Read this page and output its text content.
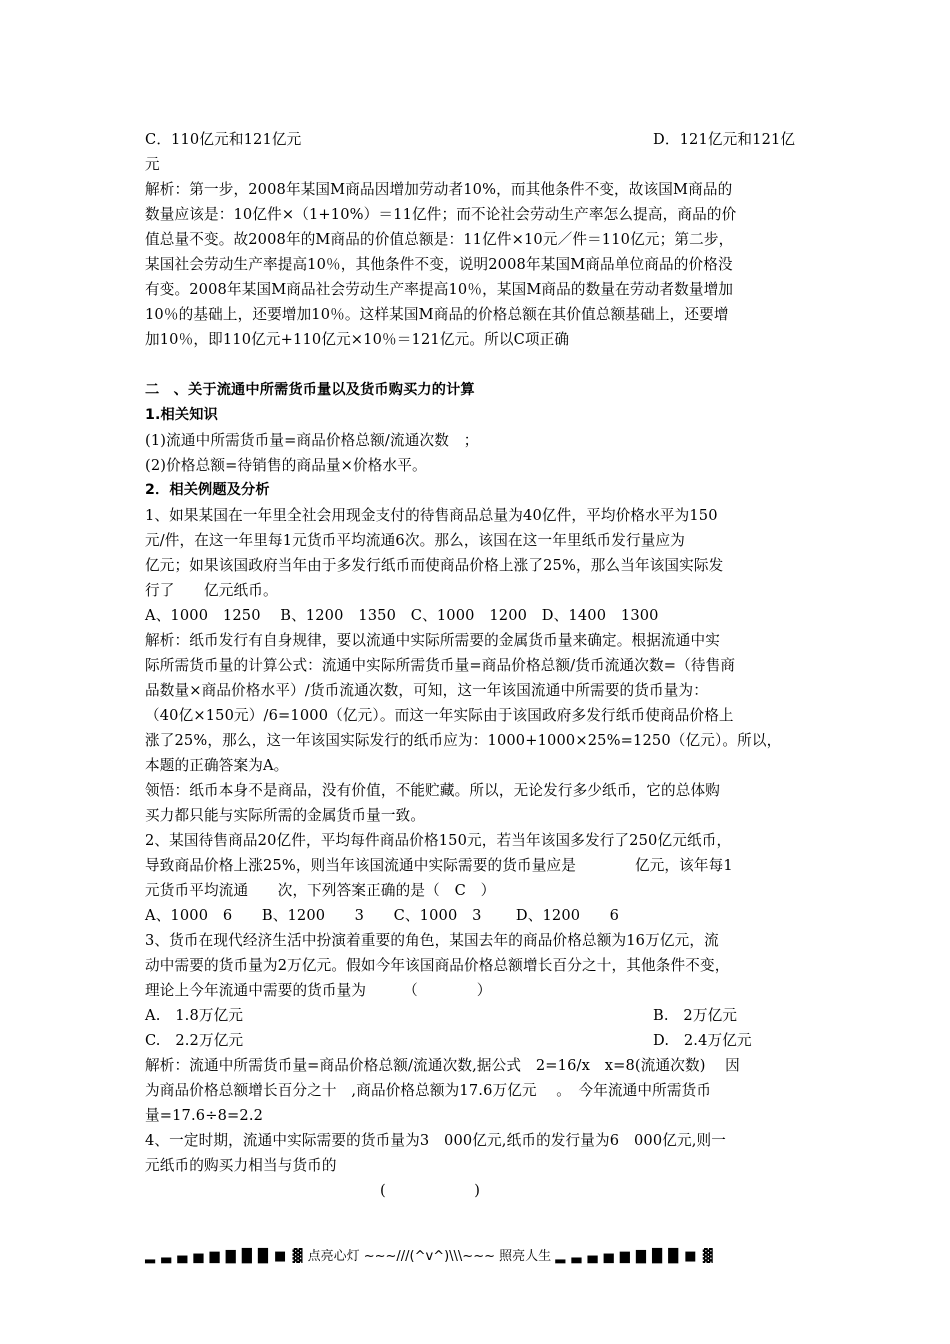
C．110亿元和121亿元	D．121亿元和121亿
元
解析：第一步，2008年某国M商品因增加劳动者10%，而其他条件不变，故该国M商品的
数量应该是：10亿件×（1+10%）＝11亿件；而不论社会劳动生产率怎么提高，商品的价
值总量不变。故2008年的M商品的价值总额是：11亿件×10元／件＝110亿元；第二步，
某国社会劳动生产率提高10％，其他条件不变，说明2008年某国M商品单位商品的价格没
有变。2008年某国M商品社会劳动生产率提高10％，某国M商品的数量在劳动者数量增加
10％的基础上，还要增加10％。这样某国M商品的价格总额在其价值总额基础上，还要增
加10％，即110亿元+110亿元×10％＝121亿元。所以C项正确
二　、关于流通中所需货币量以及货币购买力的计算
1.相关知识
(1)流通中所需货币量=商品价格总额/流通次数　；
(2)价格总额=待销售的商品量×价格水平。
2．相关例题及分析
1、如果某国在一年里全社会用现金支付的待售商品总量为40亿件，平均价格水平为150
元/件，在这一年里每1元货币平均流通6次。那么，该国在这一年里纸币发行量应为
亿元；如果该国政府当年由于多发行纸币而使商品价格上涨了25%，那么当年该国实际发
行了　　亿元纸币。
A、1000　1250　 B、1200　1350　C、1000　1200　D、1400　1300
解析：纸币发行有自身规律，要以流通中实际所需要的金属货币量来确定。根据流通中实
际所需货币量的计算公式：流通中实际所需货币量=商品价格总额/货币流通次数=（待售商
品数量×商品价格水平）/货币流通次数，可知，这一年该国流通中所需要的货币量为：
（40亿×150元）/6=1000（亿元）。而这一年实际由于该国政府多发行纸币使商品价格上
涨了25%，那么，这一年该国实际发行的纸币应为：1000+1000×25%=1250（亿元）。所以，
本题的正确答案为A。
领悟：纸币本身不是商品，没有价值，不能贮藏。所以，无论发行多少纸币，它的总体购
买力都只能与实际所需的金属货币量一致。
2、某国待售商品20亿件，平均每件商品价格150元，若当年该国多发行了250亿元纸币，
导致商品价格上涨25%，则当年该国流通中实际需要的货币量应是　　　　亿元，该年每1
元货币平均流通　　次，下列答案正确的是（　C　）
A、1000　6　　B、1200　　3　　C、1000　3　　 D、1200　　6
3、货币在现代经济生活中扮演着重要的角色，某国去年的商品价格总额为16万亿元，流
动中需要的货币量为2万亿元。假如今年该国商品价格总额增长百分之十，其他条件不变，
理论上今年流通中需要的货币量为　　　（　　　　）
A.　1.8万亿元	B.　2万亿元
C.　2.2万亿元	D.　2.4万亿元
解析：流通中所需货币量=商品价格总额/流通次数,据公式　2=16/x　x=8(流通次数)　 因
为商品价格总额增长百分之十　,商品价格总额为17.6万亿元　 。　今年流通中所需货币
量=17.6÷8=2.2
4、一定时期，流通中实际需要的货币量为3　000亿元,纸币的发行量为6　000亿元,则一
元纸币的购买力相当与货币的
(　　　　　　)
▂ ▃ ▄ ▅ ▆ ▇ █ █ ■ ▓ 点亮心灯 ~~~///(^v^)\\\~~~ 照亮人生 ▂ ▃ ▄ ▅ ▆ ▇ █ █ ■ ▓
